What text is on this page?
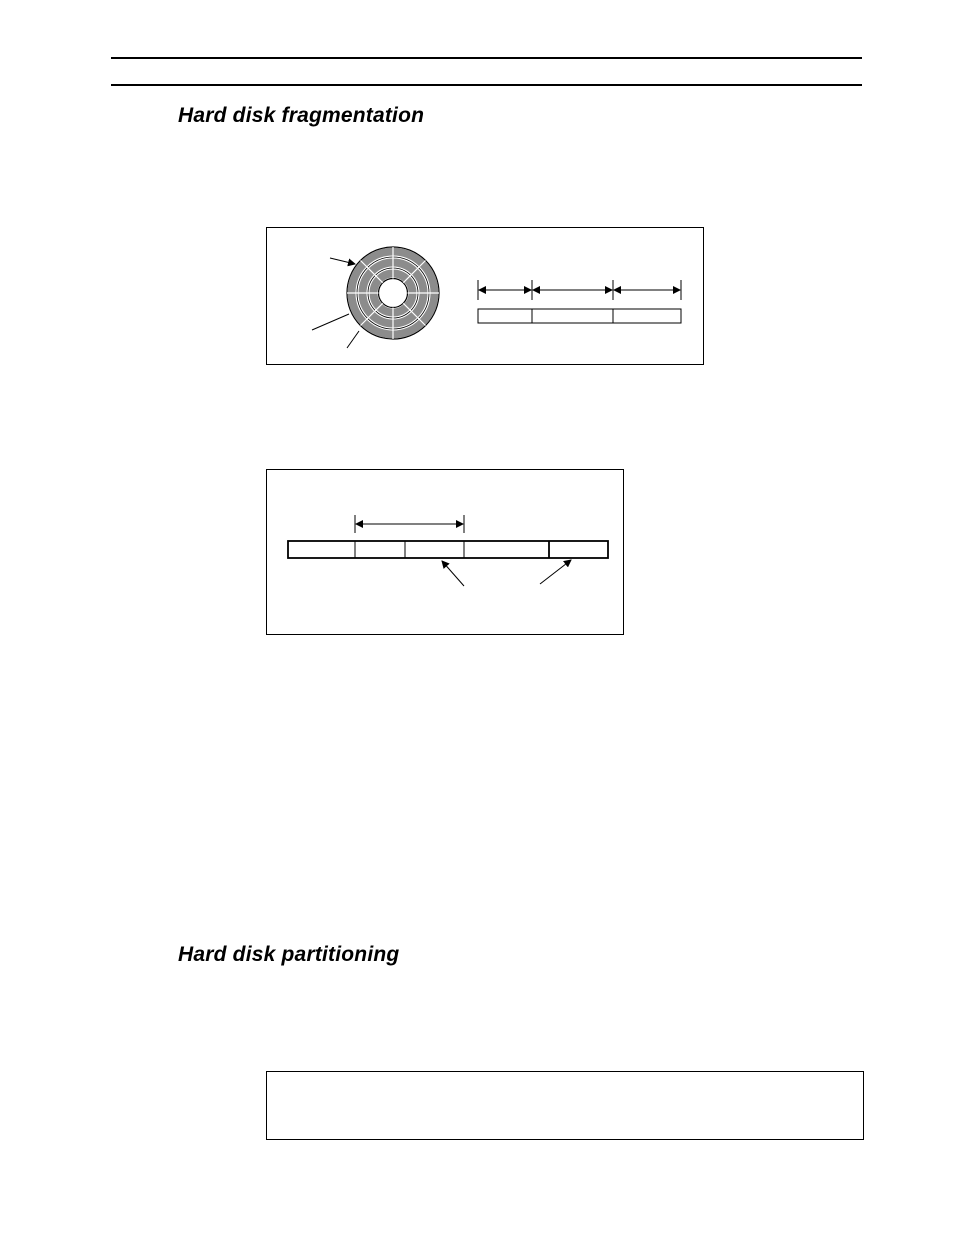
Hard disk fragmentation
Hard disk partitioning
